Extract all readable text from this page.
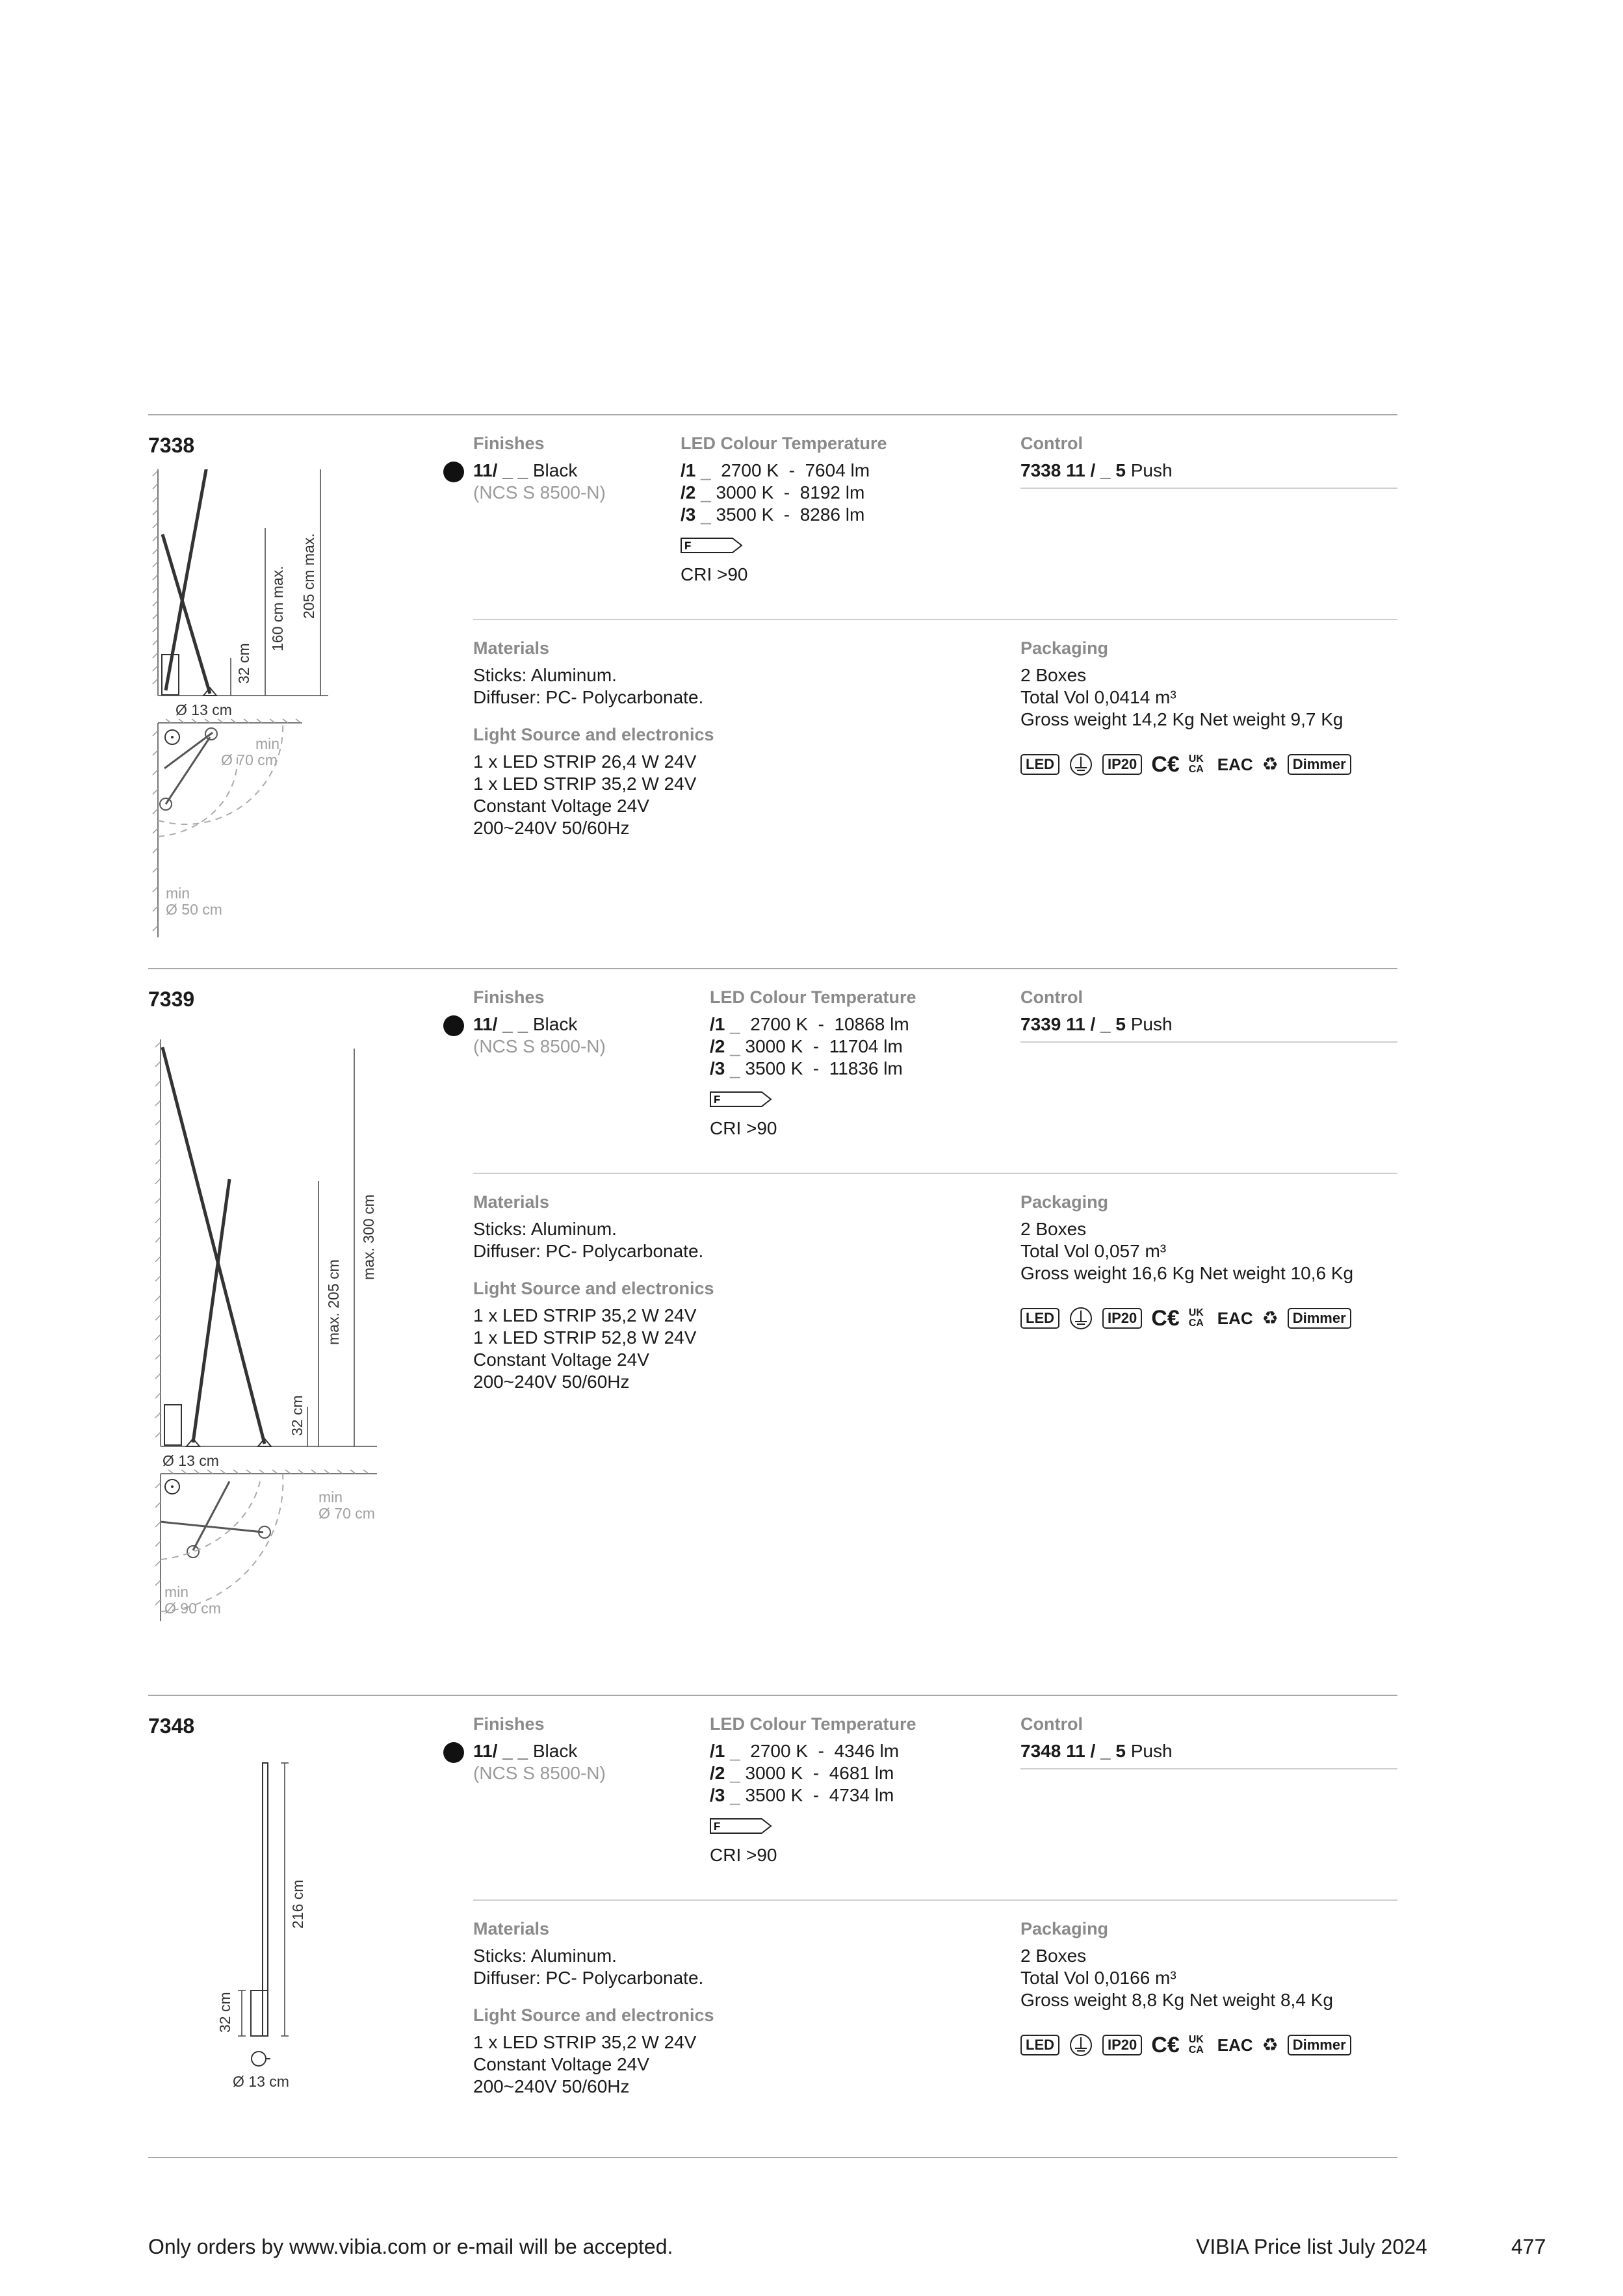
7338
32 cm
160 cm max. 205 cm max.
Ø 13 cm
min
Ø 70 cm
min
Ø 50 cm
Finishes
11/ _ _ Black
(NCS S 8500-N)
LED Colour Temperature
/1 _ 2700 K  -  7604 lm
/2 _ 3000 K  -  8192 lm
/3 _ 3500 K  -  8286 lm
F
CRI >90
Control
7338 11 / _ 5 Push
Materials
Sticks: Aluminum.
Diffuser: PC- Polycarbonate.
Light Source and electronics
1 x LED STRIP 26,4 W 24V
1 x LED STRIP 35,2 W 24V
Constant Voltage 24V
200~240V 50/60Hz
Packaging
2 Boxes
Total Vol 0,0414 m³
Gross weight 14,2 Kg Net weight 9,7 Kg
LED	IP20 C€ UK CA EAC ♻	Dimmer
7339
32 cm
max. 205 cm
max. 300 cm
Ø 13 cm
min
Ø 70 cm
min
Ø 90 cm
Finishes
11/ _ _ Black
(NCS S 8500-N)
LED Colour Temperature
/1 _ 2700 K  -  10868 lm
/2 _ 3000 K  -  11704 lm
/3 _ 3500 K  -  11836 lm
F
CRI >90
Control
7339 11 / _ 5 Push
Materials
Sticks: Aluminum.
Diffuser: PC- Polycarbonate.
Light Source and electronics
1 x LED STRIP 35,2 W 24V
1 x LED STRIP 52,8 W 24V
Constant Voltage 24V
200~240V 50/60Hz
Packaging
2 Boxes
Total Vol 0,057 m³
Gross weight 16,6 Kg Net weight 10,6 Kg
LED	IP20 C€ UK CA EAC ♻	Dimmer
7348
216 cm
32 cm
Ø 13 cm
Finishes
11/ _ _ Black
(NCS S 8500-N)
LED Colour Temperature
/1 _ 2700 K  -  4346 lm
/2 _ 3000 K  -  4681 lm
/3 _ 3500 K  -  4734 lm
F
CRI >90
Control
7348 11 / _ 5 Push
Materials
Sticks: Aluminum.
Diffuser: PC- Polycarbonate.
Light Source and electronics
1 x LED STRIP 35,2 W 24V
Constant Voltage 24V
200~240V 50/60Hz
Packaging
2 Boxes
Total Vol 0,0166 m³
Gross weight 8,8 Kg Net weight 8,4 Kg
LED	IP20 C€ UK CA EAC ♻	Dimmer
Only orders by www.vibia.com or e-mail will be accepted.	VIBIA Price list July 2024	477
